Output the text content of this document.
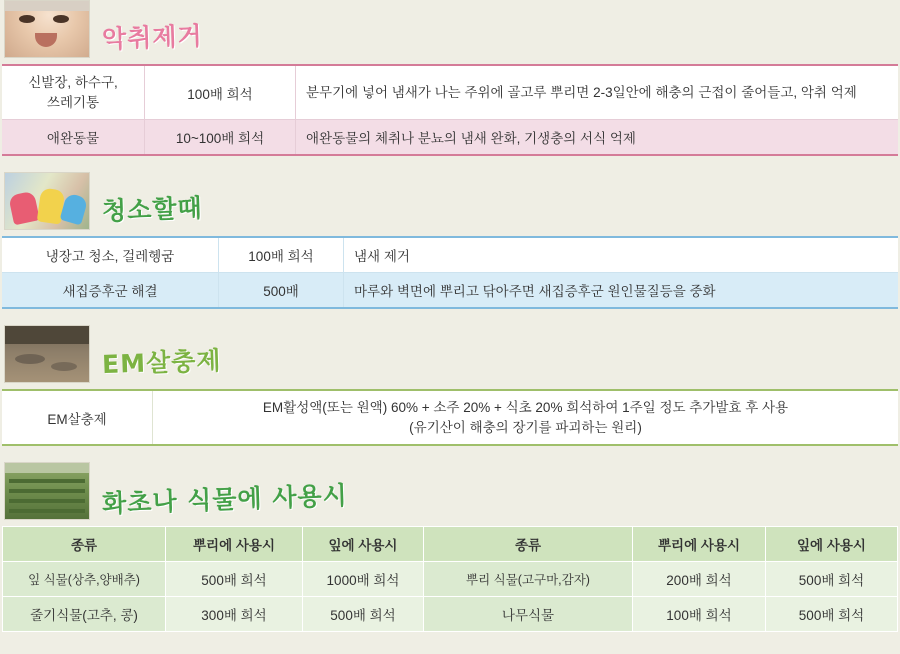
악취제거
신발장, 하수구,
쓰레기통	100배 희석	분무기에 넣어 냄새가 나는 주위에 골고루 뿌리면 2-3일안에 해충의 근접이 줄어들고, 악취 억제
애완동물	10~100배 희석	애완동물의 체취나 분뇨의 냄새 완화, 기생충의 서식 억제
청소할때
냉장고 청소, 걸레헹굼	100배 희석	냄새 제거
새집증후군 해결	500배	마루와 벽면에 뿌리고 닦아주면 새집증후군 원인물질등을 중화
EM살충제
EM살충제	EM활성액(또는 원액) 60% + 소주 20% + 식초 20% 희석하여 1주일 정도 추가발효 후 사용
(유기산이 해충의 장기를 파괴하는 원리)
화초나 식물에 사용시
종류	뿌리에 사용시	잎에 사용시	종류	뿌리에 사용시	잎에 사용시
잎 식물(상추,양배추)	500배 희석	1000배 희석	뿌리 식물(고구마,감자)	200배 희석	500배 희석
줄기식물(고추, 콩)	300배 희석	500배 희석	나무식물	100배 희석	500배 희석
